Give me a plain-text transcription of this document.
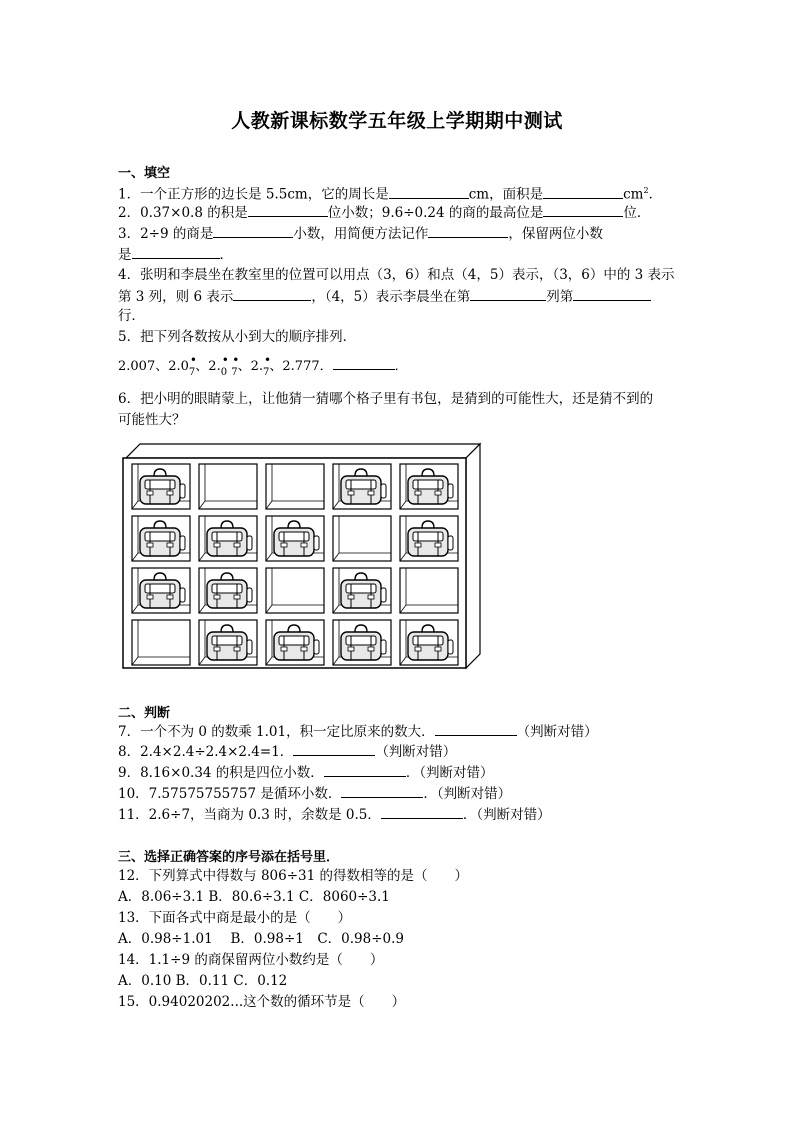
人教新课标数学五年级上学期期中测试
一、填空
1．一个正方形的边长是 5.5cm，它的周长是	cm，面积是	$cm^2$．
2．0.37×0.8 的积是	位小数；9.6÷0.24 的商的最高位是	位．
3．2÷9 的商是	小数，用简便方法记作	，保留两位小数
是	．
4．张明和李晨坐在教室里的位置可以用点（3，6）和点（4，5）表示，（3，6）中的 3 表示
第 3 列，则 6 表示	，（4，5）表示李晨坐在第	列第
行．
5．把下列各数按从小到大的顺序排列．
2.007、2.0 •
$_7$、2. •
$_0$
•
$_7$、2. •
$_7$、2.777．	．
6．把小明的眼睛蒙上，让他猜一猜哪个格子里有书包，是猜到的可能性大，还是猜不到的
可能性大？
二、判断
7．一个不为 0 的数乘 1.01，积一定比原来的数大．	（判断对错）
8．2.4×2.4÷2.4×2.4=1．	（判断对错）
9．8.16×0.34 的积是四位小数．	．（判断对错）
10．7.57575755757 是循环小数．	．（判断对错）
11．2.6÷7，当商为 0.3 时，余数是 0.5．	．（判断对错）
三、选择正确答案的序号添在括号里．
12．下列算式中得数与 806÷31 的得数相等的是（　　）
A．8.06÷3.1 B．80.6÷3.1 C．8060÷3.1
13．下面各式中商是最小的是（　　）
A．0.98÷1.01　 B．0.98÷1　C．0.98÷0.9
14．1.1÷9 的商保留两位小数约是（　　）
A．0.10 B．0.11 C．0.12
15．0.94020202...这个数的循环节是（　　）
